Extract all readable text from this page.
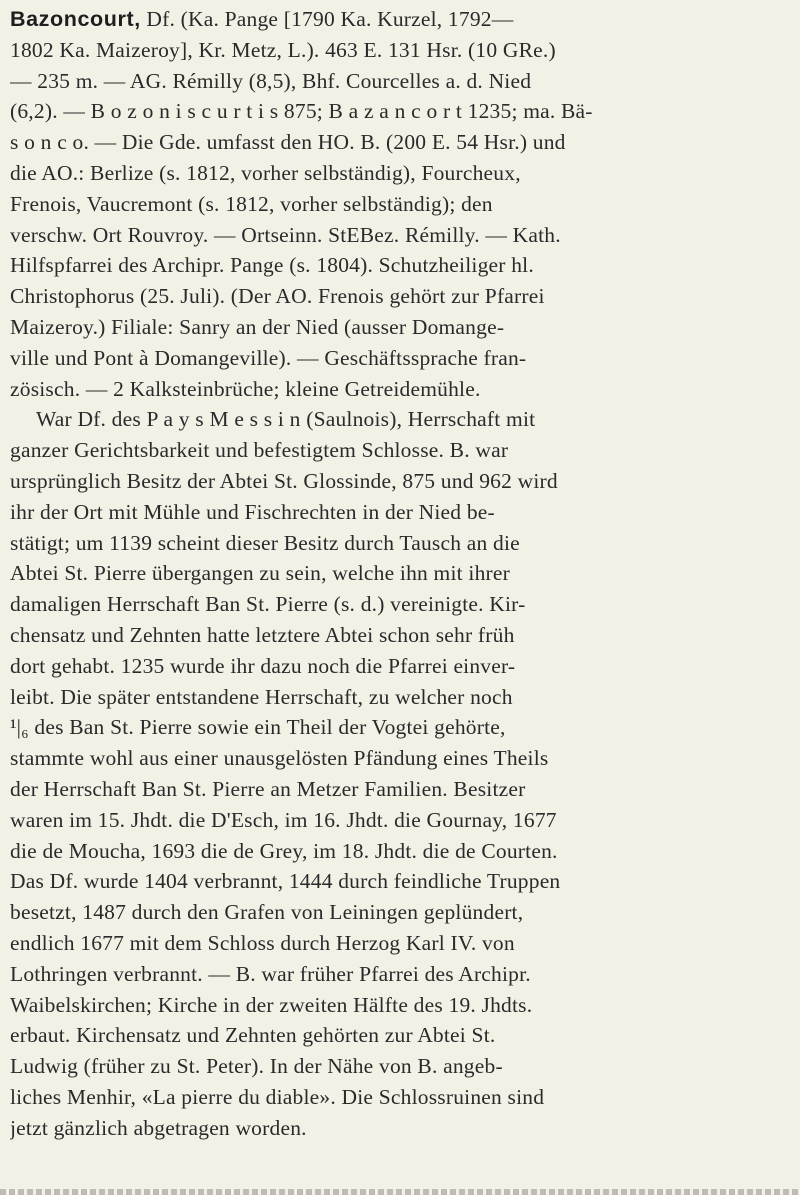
Bazoncourt, Df. (Ka. Pange [1790 Ka. Kurzel, 1792—
1802 Ka. Maizeroy], Kr. Metz, L.). 463 E. 131 Hsr. (10 GRe.)
— 235 m. — AG. Rémilly (8,5), Bhf. Courcelles a. d. Nied
(6,2). — B o z o n i s c u r t i s 875; B a z a n c o r t 1235; ma. Bä-
s o n c o. — Die Gde. umfasst den HO. B. (200 E. 54 Hsr.) und
die AO.: Berlize (s. 1812, vorher selbständig), Fourcheux,
Frenois, Vaucremont (s. 1812, vorher selbständig); den
verschw. Ort Rouvroy. — Ortseinn. StEBez. Rémilly. — Kath.
Hilfspfarrei des Archipr. Pange (s. 1804). Schutzheiliger hl.
Christophorus (25. Juli). (Der AO. Frenois gehört zur Pfarrei
Maizeroy.) Filiale: Sanry an der Nied (ausser Domange-
ville und Pont à Domangeville). — Geschäftssprache fran-
zösisch. — 2 Kalksteinbrüche; kleine Getreidemühle.
War Df. des P a y s M e s s i n (Saulnois), Herrschaft mit
ganzer Gerichtsbarkeit und befestigtem Schlosse. B. war
ursprünglich Besitz der Abtei St. Glossinde, 875 und 962 wird
ihr der Ort mit Mühle und Fischrechten in der Nied be-
stätigt; um 1139 scheint dieser Besitz durch Tausch an die
Abtei St. Pierre übergangen zu sein, welche ihn mit ihrer
damaligen Herrschaft Ban St. Pierre (s. d.) vereinigte. Kir-
chensatz und Zehnten hatte letztere Abtei schon sehr früh
dort gehabt. 1235 wurde ihr dazu noch die Pfarrei einver-
leibt. Die später entstandene Herrschaft, zu welcher noch
¹|₆ des Ban St. Pierre sowie ein Theil der Vogtei gehörte,
stammte wohl aus einer unausgelösten Pfändung eines Theils
der Herrschaft Ban St. Pierre an Metzer Familien. Besitzer
waren im 15. Jhdt. die D'Esch, im 16. Jhdt. die Gournay, 1677
die de Moucha, 1693 die de Grey, im 18. Jhdt. die de Courten.
Das Df. wurde 1404 verbrannt, 1444 durch feindliche Truppen
besetzt, 1487 durch den Grafen von Leiningen geplündert,
endlich 1677 mit dem Schloss durch Herzog Karl IV. von
Lothringen verbrannt. — B. war früher Pfarrei des Archipr.
Waibelskirchen; Kirche in der zweiten Hälfte des 19. Jhdts.
erbaut. Kirchensatz und Zehnten gehörten zur Abtei St.
Ludwig (früher zu St. Peter). In der Nähe von B. angeb-
liches Menhir, «La pierre du diable». Die Schlossruinen sind
jetzt gänzlich abgetragen worden.
